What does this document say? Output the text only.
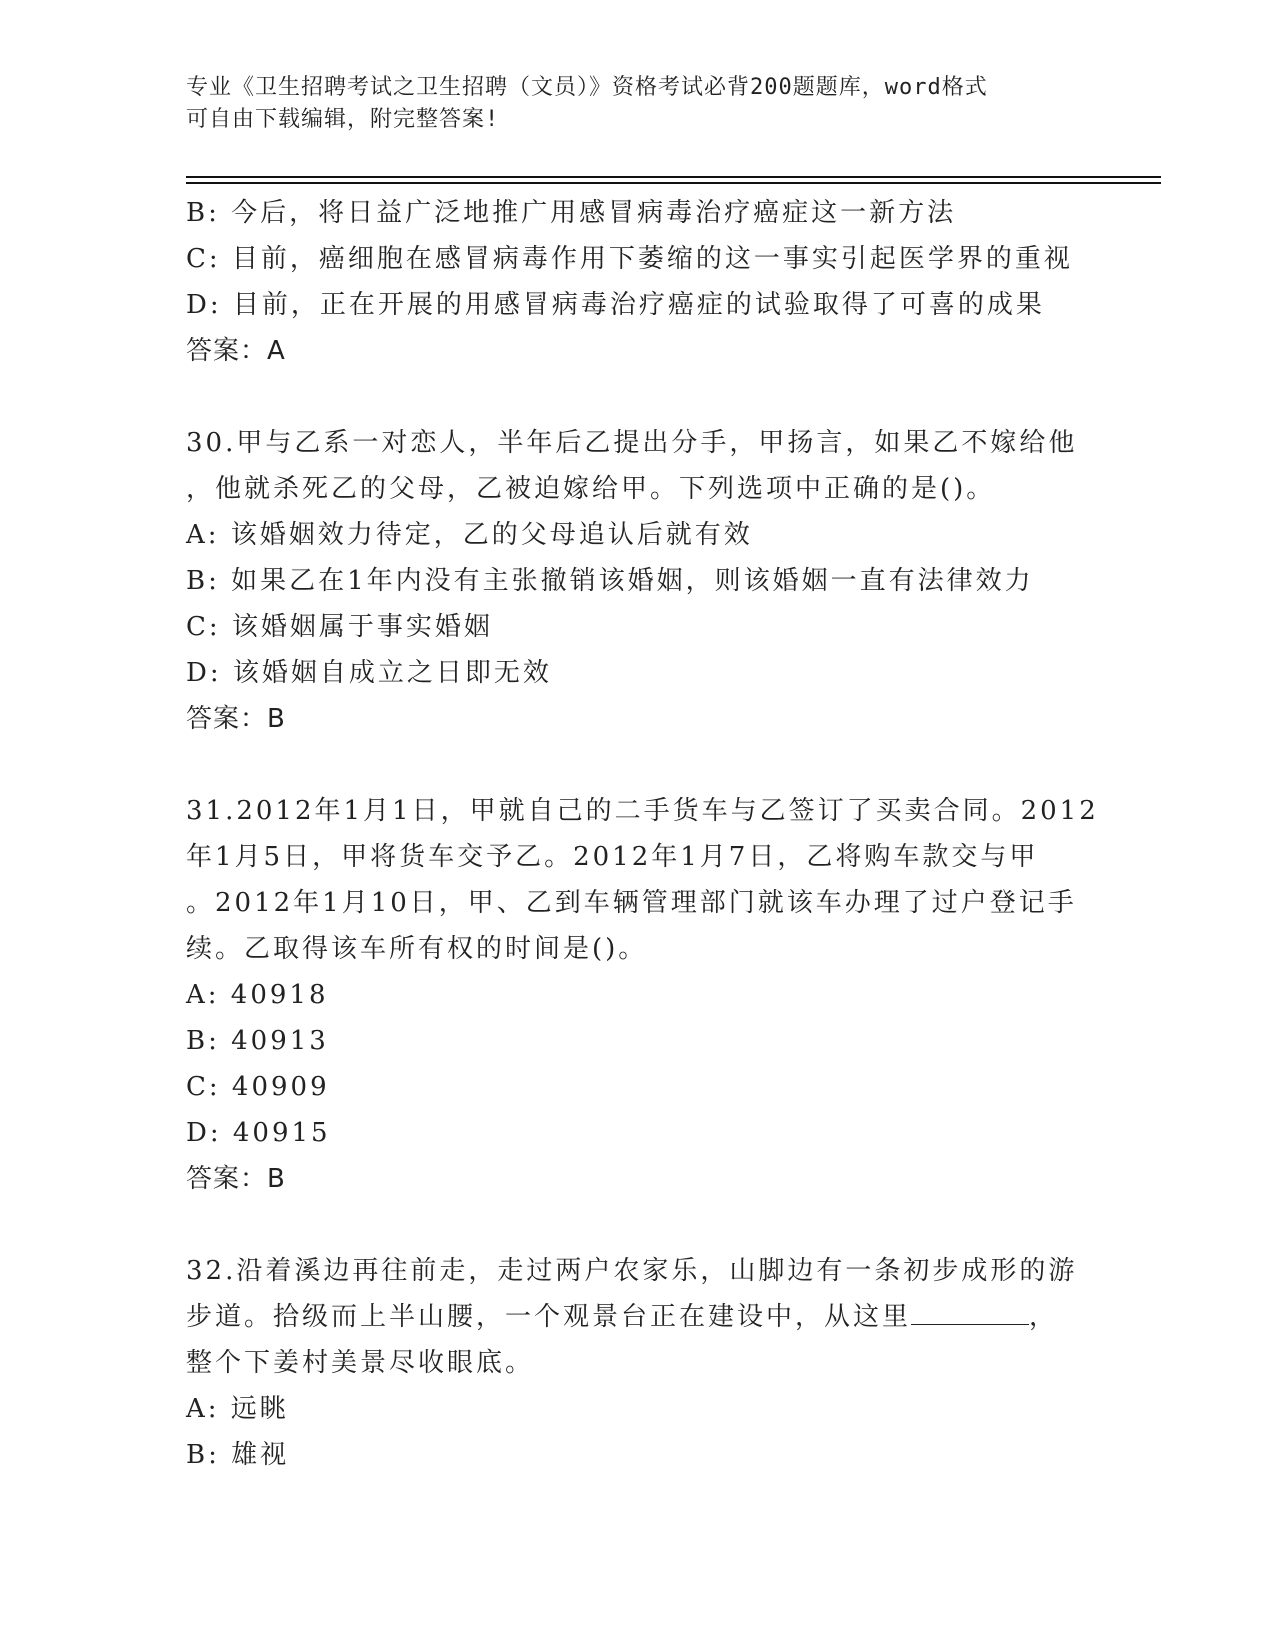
专业《卫生招聘考试之卫生招聘（文员）》资格考试必背200题题库，word格式
可自由下载编辑，附完整答案!
B: 今后，将日益广泛地推广用感冒病毒治疗癌症这一新方法
C: 目前，癌细胞在感冒病毒作用下萎缩的这一事实引起医学界的重视
D: 目前，正在开展的用感冒病毒治疗癌症的试验取得了可喜的成果
答案：A
30.甲与乙系一对恋人，半年后乙提出分手，甲扬言，如果乙不嫁给他
，他就杀死乙的父母，乙被迫嫁给甲。下列选项中正确的是()。
A: 该婚姻效力待定，乙的父母追认后就有效
B: 如果乙在1年内没有主张撤销该婚姻，则该婚姻一直有法律效力
C: 该婚姻属于事实婚姻
D: 该婚姻自成立之日即无效
答案：B
31.2012年1月1日，甲就自己的二手货车与乙签订了买卖合同。2012
年1月5日，甲将货车交予乙。2012年1月7日，乙将购车款交与甲
。2012年1月10日，甲、乙到车辆管理部门就该车办理了过户登记手
续。乙取得该车所有权的时间是()。
A: 40918
B: 40913
C: 40909
D: 40915
答案：B
32.沿着溪边再往前走，走过两户农家乐，山脚边有一条初步成形的游
步道。拾级而上半山腰，一个观景台正在建设中，从这里	，
整个下姜村美景尽收眼底。
A: 远眺
B: 雄视
